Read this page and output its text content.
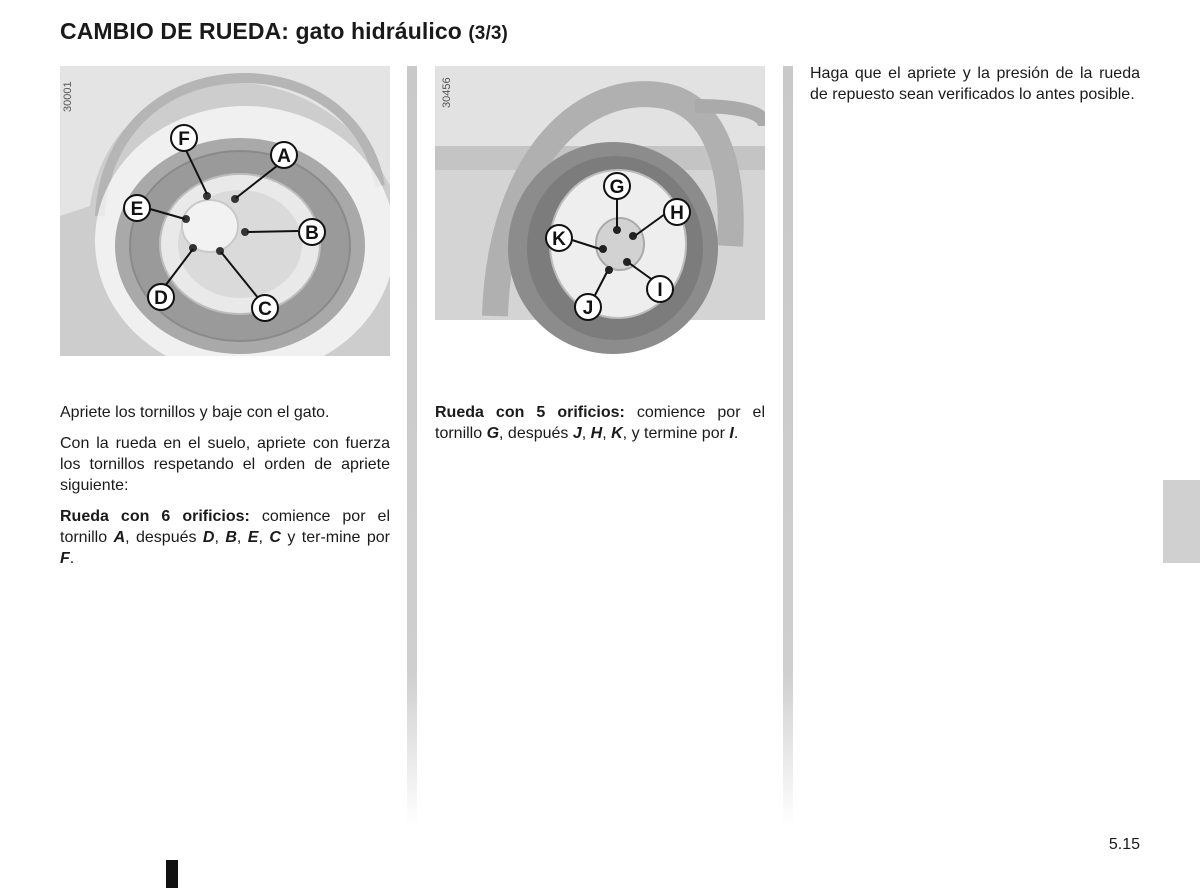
CAMBIO DE RUEDA: gato hidráulico (3/3)
F
A
E
B
D
C
30001
G
H
K
I
J
30456

Apriete los tornillos y baje con el gato.

Con la rueda en el suelo, apriete con fuerza los tornillos respetando el orden de apriete siguiente:

Rueda con 6 orificios: comience por el tornillo A, después D, B, E, C y ter-mine por F.

Rueda con 5 orificios: comience por el tornillo G, después J, H, K, y termine por I.

Haga que el apriete y la presión de la rueda de repuesto sean verificados lo antes posible.

5.15
